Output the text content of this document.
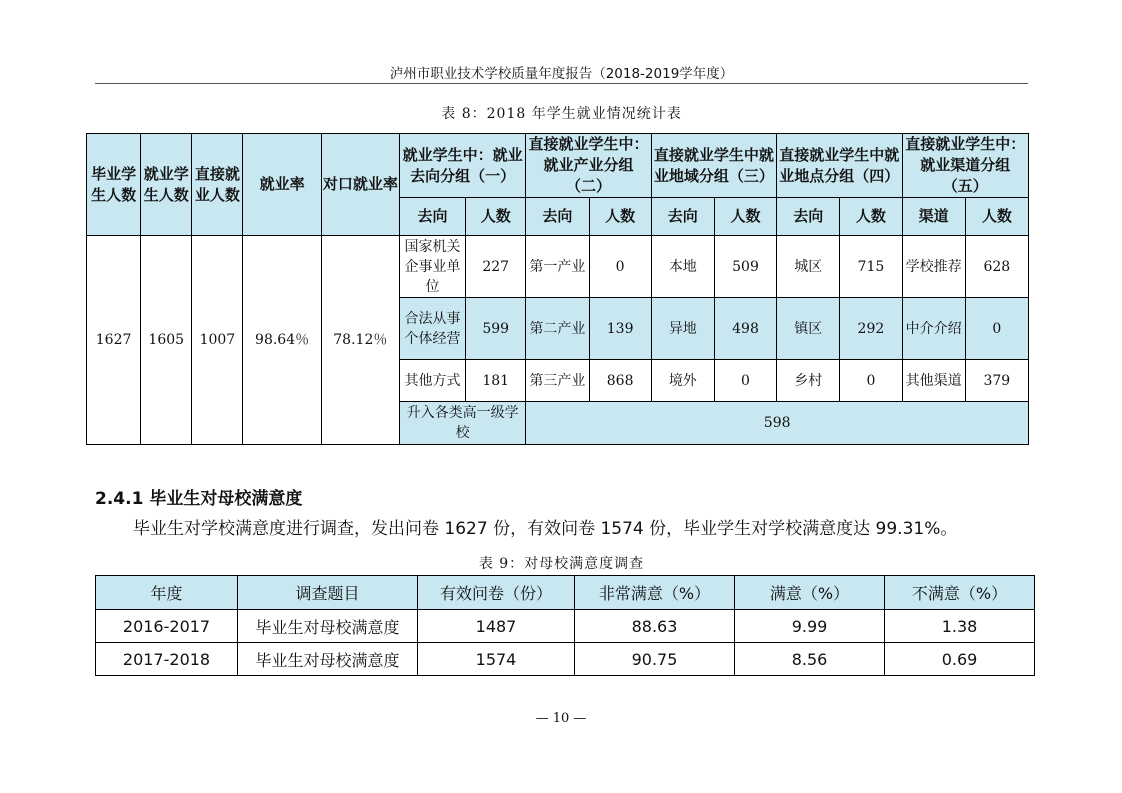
泸州市职业技术学校质量年度报告（2018-2019学年度）
表 8：2018 年学生就业情况统计表
毕业学生人数	就业学生人数	直接就业人数	就业率	对口就业率	就业学生中：就业去向分组（一）		直接就业学生中：就业产业分组（二）		直接就业学生中就业地域分组（三）		直接就业学生中就业地点分组（四）		直接就业学生中：就业渠道分组（五）	
					去向	人数	去向	人数	去向	人数	去向	人数	渠道	人数
1627	1605	1007	98.64％	78.12％	国家机关企事业单位	227	第一产业	0	本地	509	城区	715	学校推荐	628
					合法从事个体经营	599	第二产业	139	异地	498	镇区	292	中介介绍	0
					其他方式	181	第三产业	868	境外	0	乡村	0	其他渠道	379
					升入各类高一级学校		598							
2.4.1 毕业生对母校满意度
毕业生对学校满意度进行调查，发出问卷 1627 份，有效问卷 1574 份，毕业学生对学校满意度达 99.31%。
表 9：对母校满意度调查
年度	调查题目	有效问卷（份）	非常满意（%）	满意（%）	不满意（%）
2016-2017	毕业生对母校满意度	1487	88.63	9.99	1.38
2017-2018	毕业生对母校满意度	1574	90.75	8.56	0.69
— 10 —
